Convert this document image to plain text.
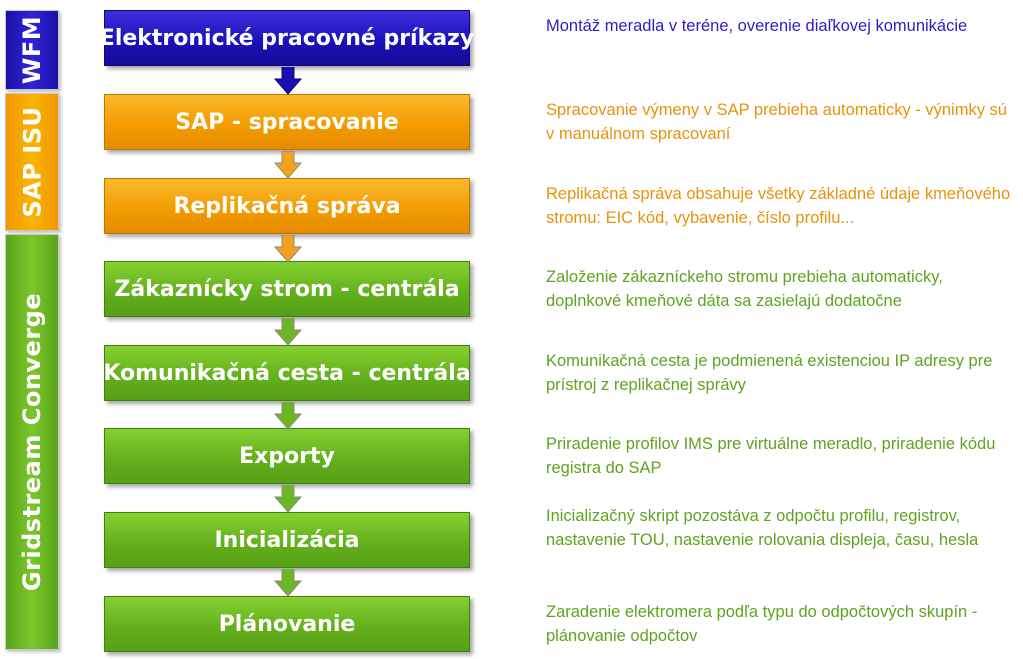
WFM
SAP ISU
Gridstream Converge
Elektronické pracovné príkazy
SAP - spracovanie
Replikačná správa
Zákaznícky strom - centrála
Komunikačná cesta - centrála
Exporty
Inicializácia
Plánovanie
Montáž meradla v teréne, overenie diaľkovej komunikácie
Spracovanie výmeny v SAP prebieha automaticky - výnimky sú v manuálnom spracovaní
Replikačná správa obsahuje všetky základné údaje kmeňového stromu: EIC kód, vybavenie, číslo profilu...
Založenie zákazníckeho stromu prebieha automaticky, doplnkové kmeňové dáta sa zasielajú dodatočne
Komunikačná cesta je podmienená existenciou IP adresy pre prístroj z replikačnej správy
Priradenie profilov IMS pre virtuálne meradlo, priradenie kódu registra do SAP
Inicializačný skript pozostáva z odpočtu profilu, registrov, nastavenie TOU, nastavenie rolovania displeja, času, hesla
Zaradenie elektromera podľa typu do odpočtových skupín - plánovanie odpočtov
